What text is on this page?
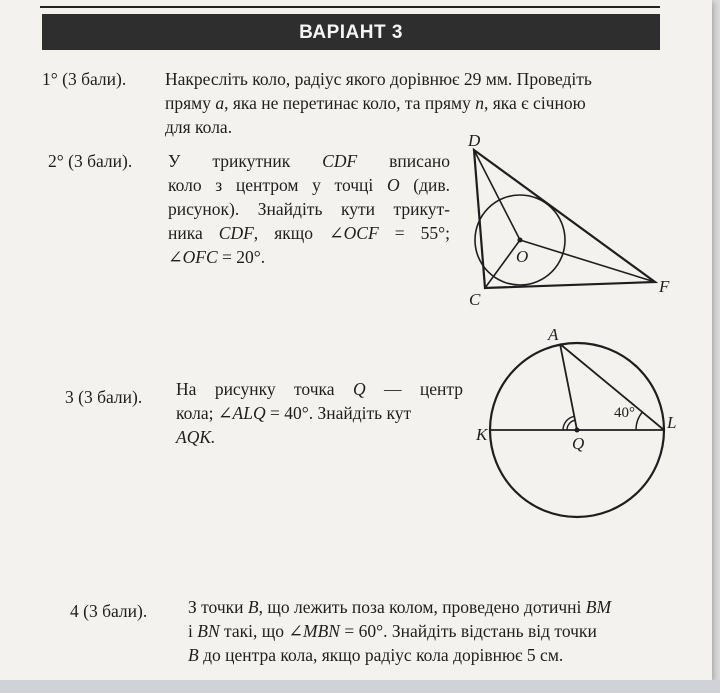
ВАРІАНТ 3
1° (3 бали). Накресліть коло, радіус якого дорівнює 29 мм. Проведіть
пряму a, яка не перетинає коло, та пряму n, яка є січною
для кола.
2° (3 бали). У трикутник CDF вписано
коло з центром у точці O (див.
рисунок). Знайдіть кути трикут-
ника CDF, якщо ∠OCF = 55°;
∠OFC = 20°.
D
O
C
F
3 (3 бали). На рисунку точка Q — центр
кола; ∠ALQ = 40°. Знайдіть кут
AQK.
A
K	Q
L
40°
4 (3 бали). З точки B, що лежить поза колом, проведено дотичні BM
і BN такі, що ∠MBN = 60°. Знайдіть відстань від точки
B до центра кола, якщо радіус кола дорівнює 5 см.
